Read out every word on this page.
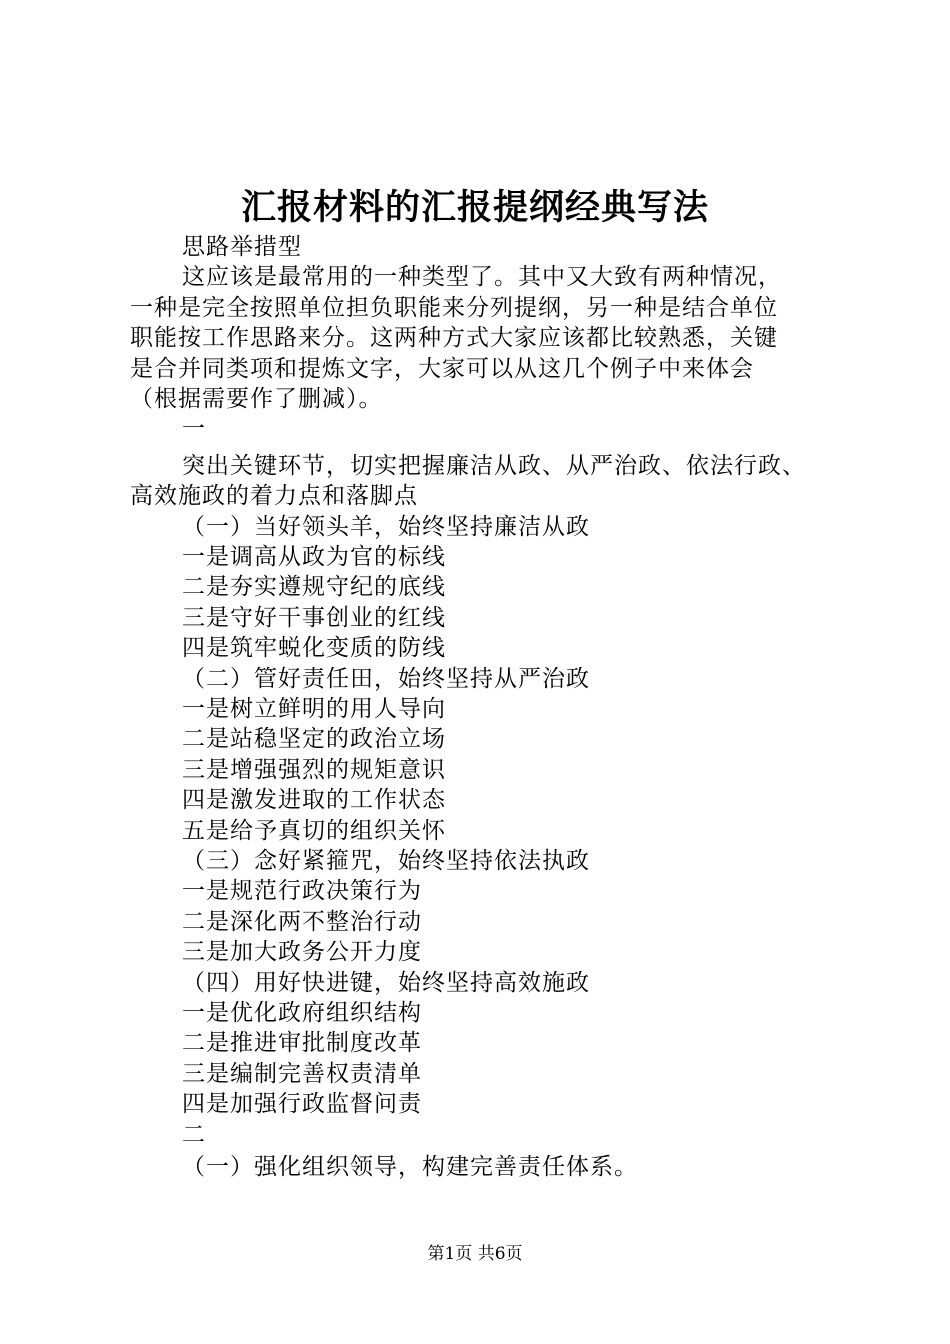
汇报材料的汇报提纲经典写法
思路举措型
这应该是最常用的一种类型了。其中又大致有两种情况，
一种是完全按照单位担负职能来分列提纲，另一种是结合单位
职能按工作思路来分。这两种方式大家应该都比较熟悉，关键
是合并同类项和提炼文字，大家可以从这几个例子中来体会
（根据需要作了删减）。
一
突出关键环节，切实把握廉洁从政、从严治政、依法行政、
高效施政的着力点和落脚点
（一）当好领头羊，始终坚持廉洁从政
一是调高从政为官的标线
二是夯实遵规守纪的底线
三是守好干事创业的红线
四是筑牢蜕化变质的防线
（二）管好责任田，始终坚持从严治政
一是树立鲜明的用人导向
二是站稳坚定的政治立场
三是增强强烈的规矩意识
四是激发进取的工作状态
五是给予真切的组织关怀
（三）念好紧箍咒，始终坚持依法执政
一是规范行政决策行为
二是深化两不整治行动
三是加大政务公开力度
（四）用好快进键，始终坚持高效施政
一是优化政府组织结构
二是推进审批制度改革
三是编制完善权责清单
四是加强行政监督问责
二
（一）强化组织领导，构建完善责任体系。
第1页 共6页
